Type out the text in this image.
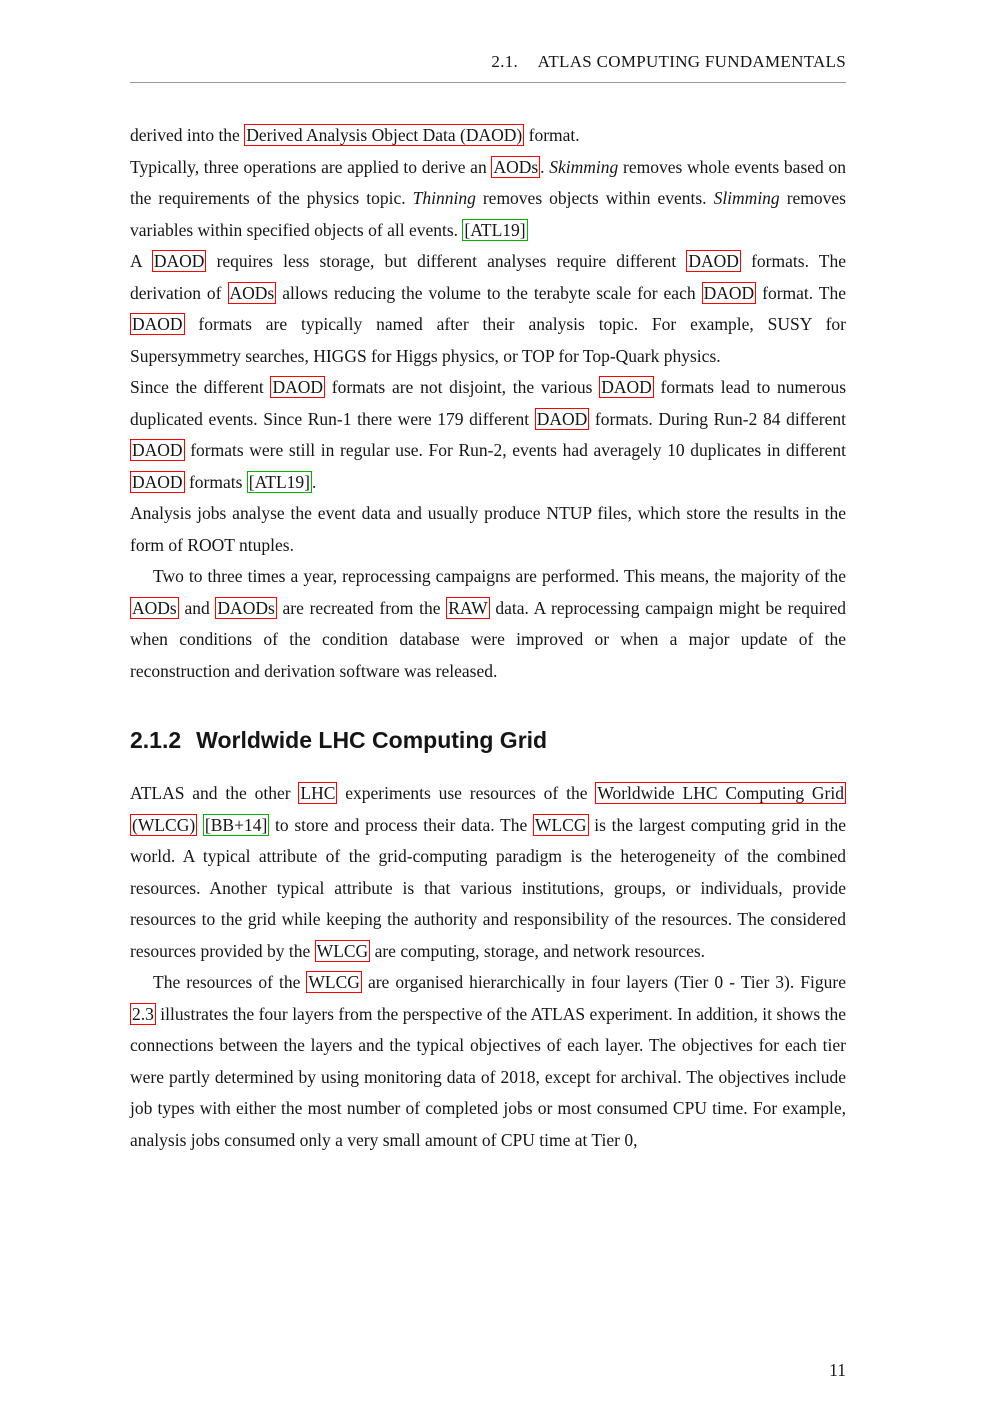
2.1. ATLAS COMPUTING FUNDAMENTALS

derived into the Derived Analysis Object Data (DAOD) format.

Typically, three operations are applied to derive an AODs . Skimming removes whole events based on the requirements of the physics topic. Thinning removes objects within events. Slimming removes variables within specified objects of all events. [ATL19]

A DAOD requires less storage, but different analyses require different DAOD formats. The derivation of AODs allows reducing the volume to the terabyte scale for each DAOD format. The DAOD formats are typically named after their analysis topic. For example, SUSY for Supersymmetry searches, HIGGS for Higgs physics, or TOP for Top-Quark physics.

Since the different DAOD formats are not disjoint, the various DAOD formats lead to numerous duplicated events. Since Run-1 there were 179 different DAOD formats. During Run-2 84 different DAOD formats were still in regular use. For Run-2, events had averagely 10 duplicates in different DAOD formats [ATL19] .

Analysis jobs analyse the event data and usually produce NTUP files, which store the results in the form of ROOT ntuples.

Two to three times a year, reprocessing campaigns are performed. This means, the majority of the AODs and DAODs are recreated from the RAW data. A reprocessing campaign might be required when conditions of the condition database were improved or when a major update of the reconstruction and derivation software was released.

2.1.2 Worldwide LHC Computing Grid

ATLAS and the other LHC experiments use resources of the Worldwide LHC Computing Grid (WLCG) [BB+14] to store and process their data. The WLCG is the largest computing grid in the world. A typical attribute of the grid-computing paradigm is the heterogeneity of the combined resources. Another typical attribute is that various institutions, groups, or individuals, provide resources to the grid while keeping the authority and responsibility of the resources. The considered resources provided by the WLCG are computing, storage, and network resources.

The resources of the WLCG are organised hierarchically in four layers (Tier 0 - Tier 3). Figure 2.3 illustrates the four layers from the perspective of the ATLAS experiment. In addition, it shows the connections between the layers and the typical objectives of each layer. The objectives for each tier were partly determined by using monitoring data of 2018, except for archival. The objectives include job types with either the most number of completed jobs or most consumed CPU time. For example, analysis jobs consumed only a very small amount of CPU time at Tier 0,

11
